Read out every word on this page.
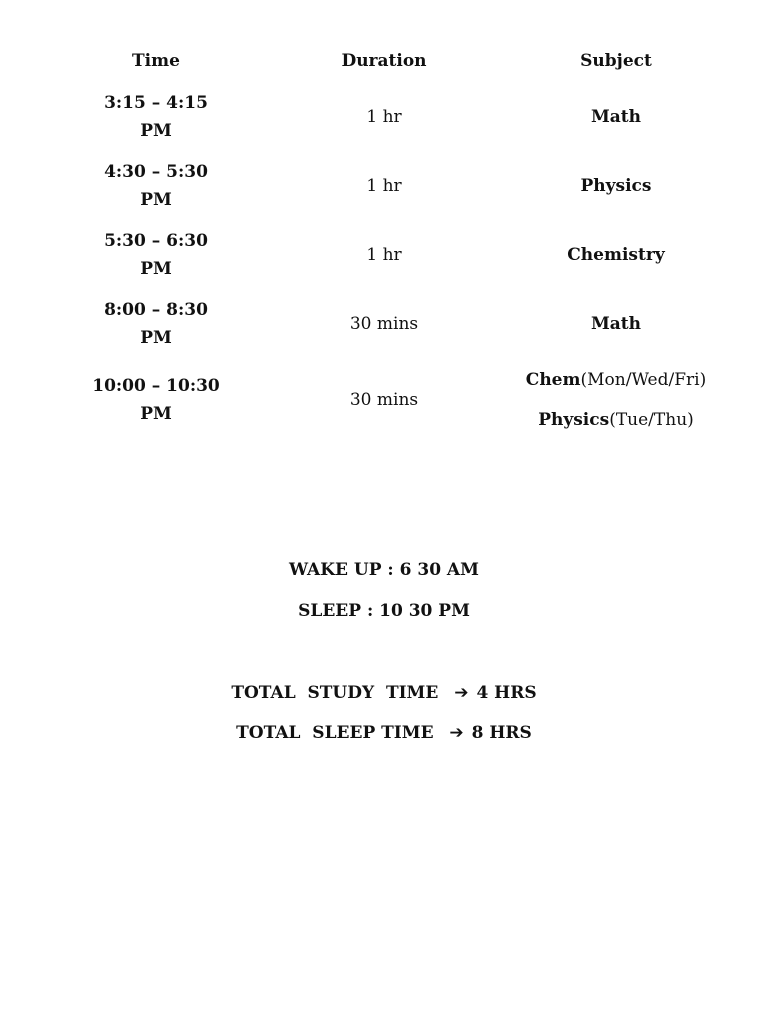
Time	Duration	Subject
3:15 – 4:15 PM	1 hr	Math
4:30 – 5:30 PM	1 hr	Physics
5:30 – 6:30 PM	1 hr	Chemistry
8:00 – 8:30 PM	30 mins	Math
10:00 – 10:30 PM	30 mins	Chem(Mon/Wed/Fri)
Physics(Tue/Thu)
WAKE UP : 6 30 AM
SLEEP : 10 30 PM
TOTAL  STUDY  TIME ➔ 4 HRS
TOTAL  SLEEP TIME ➔ 8 HRS
